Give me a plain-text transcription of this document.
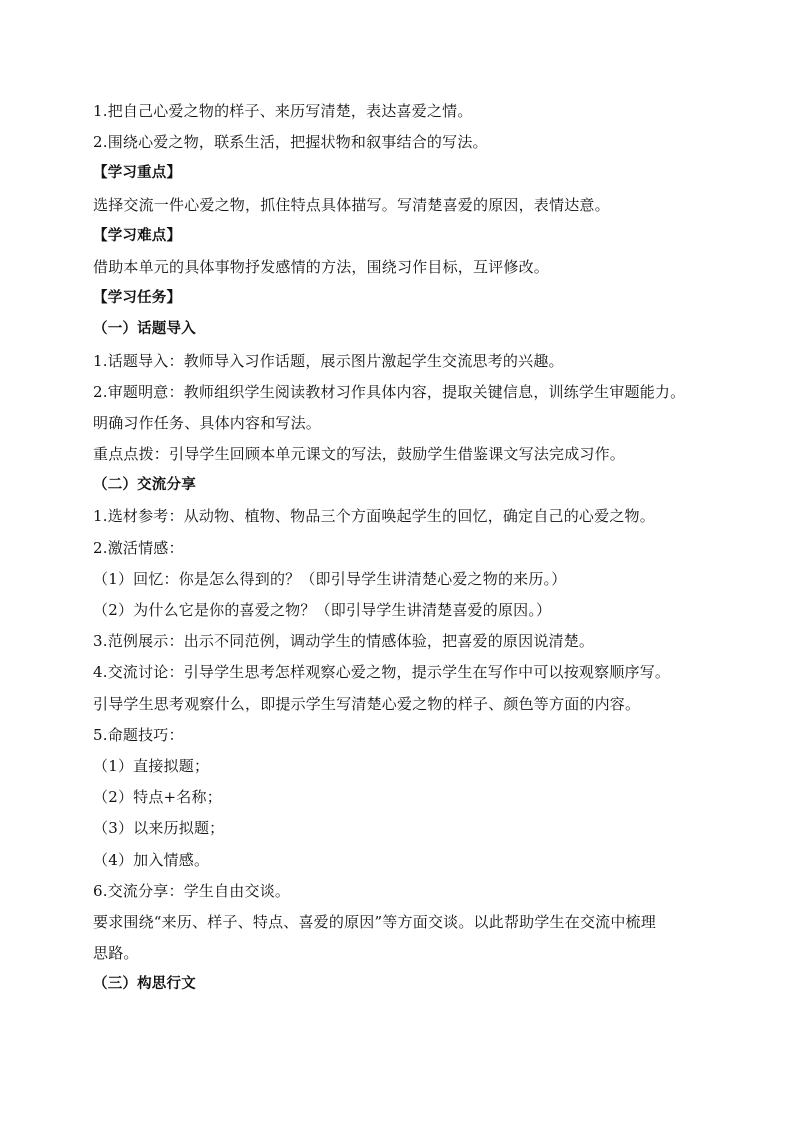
1.把自己心爱之物的样子、来历写清楚，表达喜爱之情。
2.围绕心爱之物，联系生活，把握状物和叙事结合的写法。
【学习重点】
选择交流一件心爱之物，抓住特点具体描写。写清楚喜爱的原因，表情达意。
【学习难点】
借助本单元的具体事物抒发感情的方法，围绕习作目标，互评修改。
【学习任务】
（一）话题导入
1.话题导入：教师导入习作话题，展示图片激起学生交流思考的兴趣。
2.审题明意：教师组织学生阅读教材习作具体内容，提取关键信息，训练学生审题能力。
明确习作任务、具体内容和写法。
重点点拨：引导学生回顾本单元课文的写法，鼓励学生借鉴课文写法完成习作。
（二）交流分享
1.选材参考：从动物、植物、物品三个方面唤起学生的回忆，确定自己的心爱之物。
2.激活情感：
（1）回忆：你是怎么得到的？（即引导学生讲清楚心爱之物的来历。）
（2）为什么它是你的喜爱之物？（即引导学生讲清楚喜爱的原因。）
3.范例展示：出示不同范例，调动学生的情感体验，把喜爱的原因说清楚。
4.交流讨论：引导学生思考怎样观察心爱之物，提示学生在写作中可以按观察顺序写。
引导学生思考观察什么，即提示学生写清楚心爱之物的样子、颜色等方面的内容。
5.命题技巧：
（1）直接拟题；
（2）特点+名称；
（3）以来历拟题；
（4）加入情感。
6.交流分享：学生自由交谈。
要求围绕“来历、样子、特点、喜爱的原因”等方面交谈。以此帮助学生在交流中梳理
思路。
（三）构思行文
